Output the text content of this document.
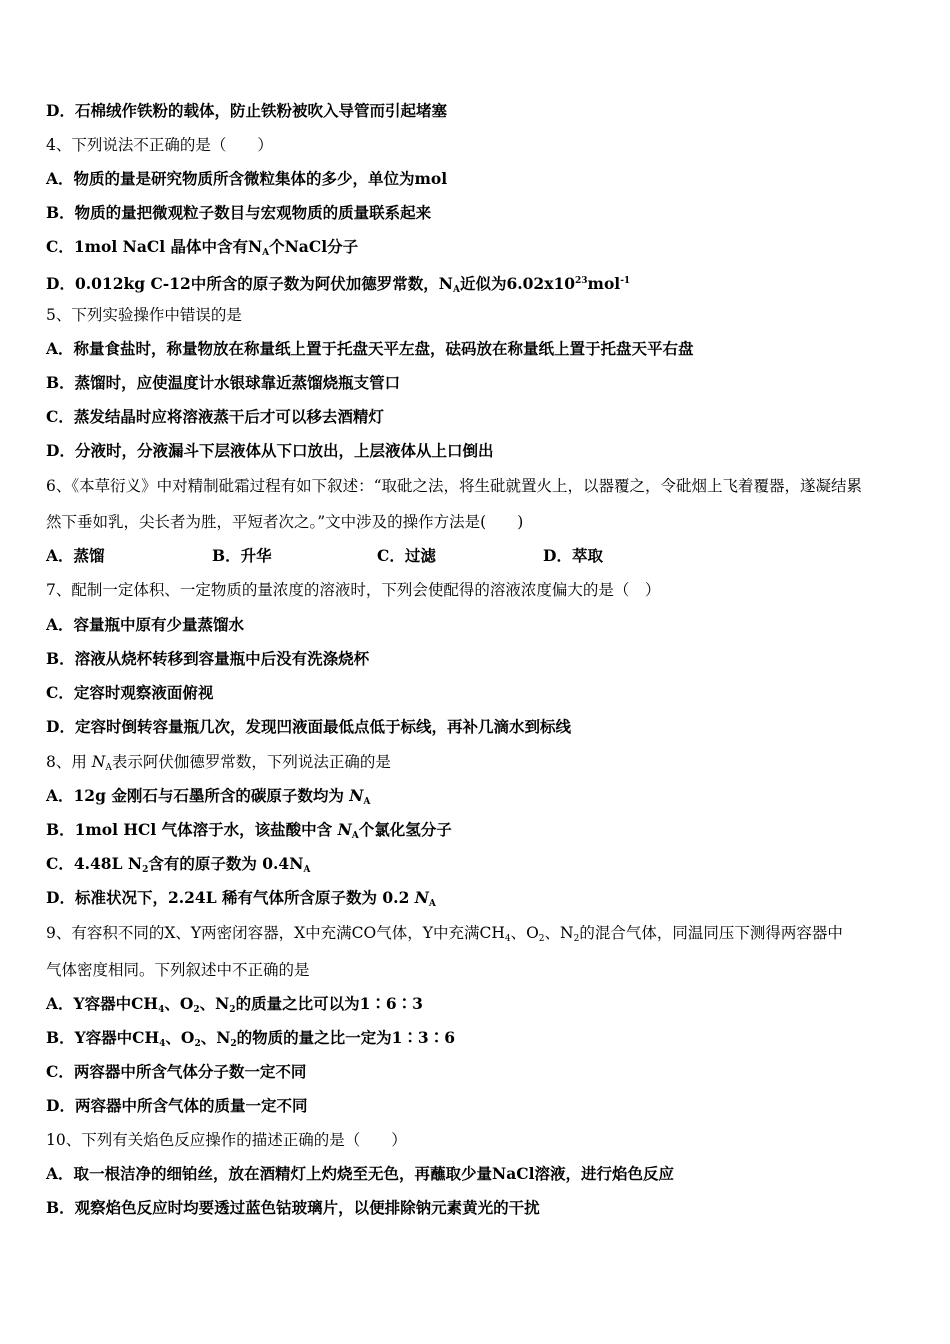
D．石棉绒作铁粉的载体，防止铁粉被吹入导管而引起堵塞
4、下列说法不正确的是（　　）
A．物质的量是研究物质所含微粒集体的多少，单位为mol
B．物质的量把微观粒子数目与宏观物质的质量联系起来
C．1mol NaCl 晶体中含有$N_A$个NaCl分子
D．0.012kg C-12中所含的原子数为阿伏加德罗常数，$N_A$近似为$6.02x10^{23}mol^{-1}$
5、下列实验操作中错误的是
A．称量食盐时，称量物放在称量纸上置于托盘天平左盘，砝码放在称量纸上置于托盘天平右盘
B．蒸馏时，应使温度计水银球靠近蒸馏烧瓶支管口
C．蒸发结晶时应将溶液蒸干后才可以移去酒精灯
D．分液时，分液漏斗下层液体从下口放出，上层液体从上口倒出
6、《本草衍义》中对精制砒霜过程有如下叙述：“取砒之法，将生砒就置火上，以器覆之，令砒烟上飞着覆器，遂凝结累
然下垂如乳，尖长者为胜，平短者次之。”文中涉及的操作方法是(　　)
A．蒸馏	B．升华	C．过滤	D．萃取
7、配制一定体积、一定物质的量浓度的溶液时，下列会使配得的溶液浓度偏大的是（　）
A．容量瓶中原有少量蒸馏水
B．溶液从烧杯转移到容量瓶中后没有洗涤烧杯
C．定容时观察液面俯视
D．定容时倒转容量瓶几次，发现凹液面最低点低于标线，再补几滴水到标线
8、用 $N_A$表示阿伏伽德罗常数，下列说法正确的是
A．12g 金刚石与石墨所含的碳原子数均为 $N_A$
B．1mol HCl 气体溶于水，该盐酸中含 $N_A$个氯化氢分子
C．4.48L $N_2$含有的原子数为 $0.4N_A$
D．标准状况下，2.24L 稀有气体所含原子数为 0.2 $N_A$
9、有容积不同的X、Y两密闭容器，X中充满CO气体，Y中充满$CH_4$、$O_2$、$N_2$的混合气体，同温同压下测得两容器中
气体密度相同。下列叙述中不正确的是
A．Y容器中$CH_4$、$O_2$、$N_2$的质量之比可以为1∶6∶3
B．Y容器中$CH_4$、$O_2$、$N_2$的物质的量之比一定为1∶3∶6
C．两容器中所含气体分子数一定不同
D．两容器中所含气体的质量一定不同
10、下列有关焰色反应操作的描述正确的是（　　）
A．取一根洁净的细铂丝，放在酒精灯上灼烧至无色，再蘸取少量NaCl溶液，进行焰色反应
B．观察焰色反应时均要透过蓝色钴玻璃片，以便排除钠元素黄光的干扰
